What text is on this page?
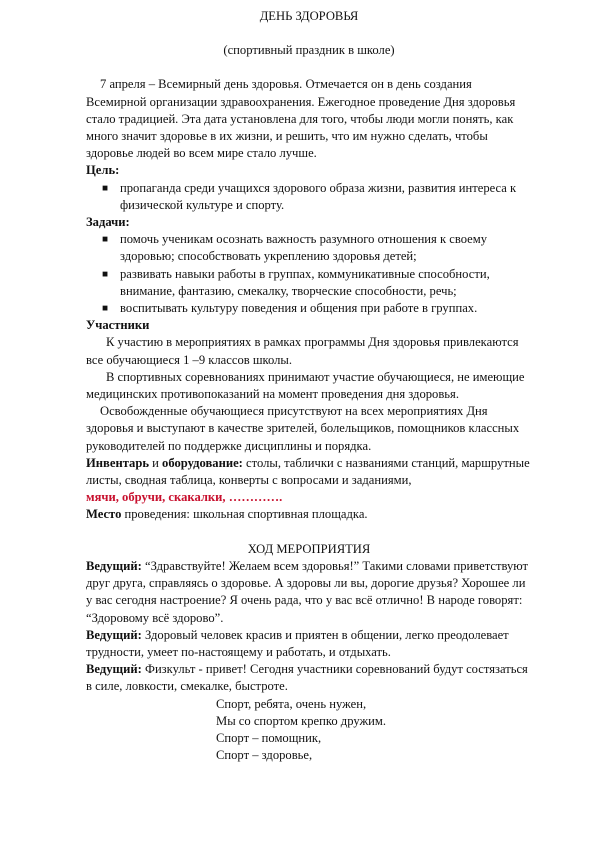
ДЕНЬ ЗДОРОВЬЯ

(спортивный праздник в школе)

7 апреля – Всемирный день здоровья. Отмечается он в день создания Всемирной организации здравоохранения. Ежегодное проведение Дня здоровья стало традицией. Эта дата установлена для того, чтобы люди могли понять, как много значит здоровье в их жизни, и решить, что им нужно сделать, чтобы здоровье людей во всем мире стало лучше.

Цель:

■ пропаганда среди учащихся здорового образа жизни, развития интереса к физической культуре и спорту.

Задачи:

■ помочь ученикам осознать важность разумного отношения к своему здоровью; способствовать укреплению здоровья детей;
■ развивать навыки работы в группах, коммуникативные способности, внимание, фантазию, смекалку, творческие способности, речь;
■ воспитывать культуру поведения и общения при работе в группах.

Участники

К участию в мероприятиях в рамках программы Дня здоровья привлекаются все обучающиеся 1 –9 классов школы.

В спортивных соревнованиях принимают участие обучающиеся, не имеющие медицинских противопоказаний на момент проведения дня здоровья.

Освобожденные обучающиеся присутствуют на всех мероприятиях Дня здоровья и выступают в качестве зрителей, болельщиков, помощников классных руководителей по поддержке дисциплины и порядка.

Инвентарь и оборудование: столы, таблички с названиями станций, маршрутные листы, сводная таблица, конверты с вопросами и заданиями,

мячи, обручи, скакалки, ………….

Место проведения: школьная спортивная площадка.

ХОД МЕРОПРИЯТИЯ

Ведущий: “Здравствуйте! Желаем всем здоровья!” Такими словами приветствуют друг друга, справляясь о здоровье. А здоровы ли вы, дорогие друзья? Хорошее ли у вас сегодня настроение? Я очень рада, что у вас всё отлично! В народе говорят: “Здоровому всё здорово”.

Ведущий: Здоровый человек красив и приятен в общении, легко преодолевает трудности, умеет по-настоящему и работать, и отдыхать.

Ведущий: Физкульт - привет! Сегодня участники соревнований будут состязаться в силе, ловкости, смекалке, быстроте.

Спорт, ребята, очень нужен,

Мы со спортом крепко дружим.

Спорт – помощник,

Спорт – здоровье,
